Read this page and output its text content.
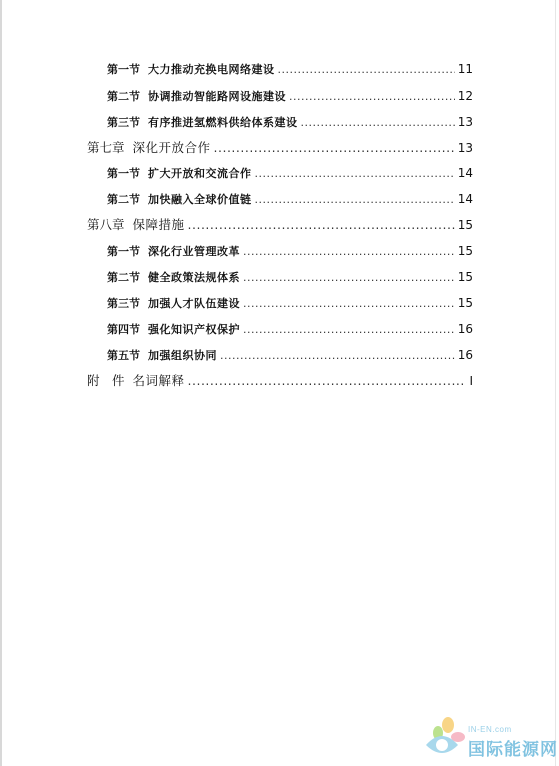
第一节 大力推动充换电网络建设 .....	11
第二节 协调推动智能路网设施建设 .....	12
第三节 有序推进氢燃料供给体系建设 .....	13
第七章 深化开放合作 .....	13
第一节 扩大开放和交流合作 .....	14
第二节 加快融入全球价值链 .....	14
第八章 保障措施 .....	15
第一节 深化行业管理改革 .....	15
第二节 健全政策法规体系 .....	15
第三节 加强人才队伍建设 .....	15
第四节 强化知识产权保护 .....	16
第五节 加强组织协同 .....	16
附　件 名词解释 .....	I
IN-EN.com
国际能源网
